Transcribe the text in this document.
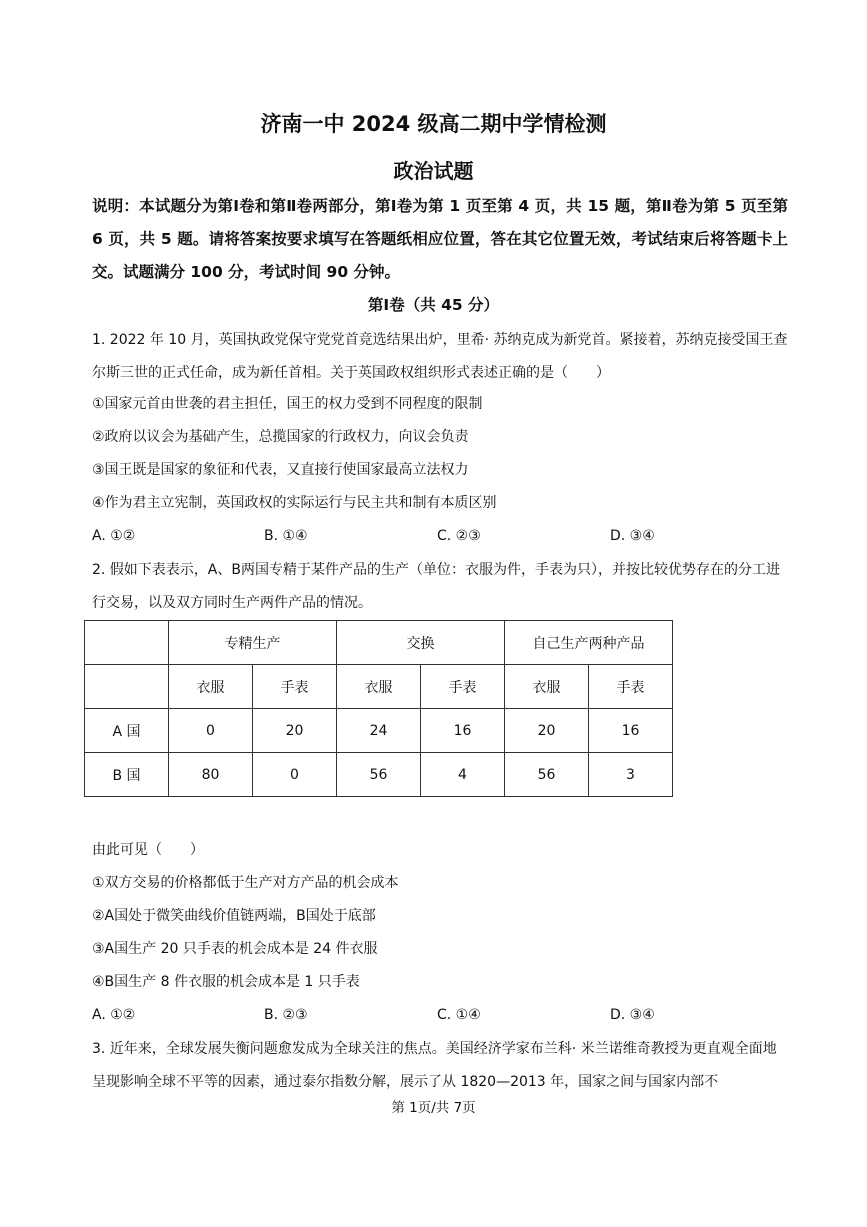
济南一中 2024 级高二期中学情检测
政治试题
说明：本试题分为第Ⅰ卷和第Ⅱ卷两部分，第Ⅰ卷为第 1 页至第 4 页，共 15 题，第Ⅱ卷为第 5 页至第 6 页，共 5 题。请将答案按要求填写在答题纸相应位置，答在其它位置无效，考试结束后将答题卡上交。试题满分 100 分，考试时间 90 分钟。
第Ⅰ卷（共 45 分）
1. 2022 年 10 月，英国执政党保守党党首竞选结果出炉，里希· 苏纳克成为新党首。紧接着，苏纳克接受国王查尔斯三世的正式任命，成为新任首相。关于英国政权组织形式表述正确的是（　　）
①国家元首由世袭的君主担任，国王的权力受到不同程度的限制
②政府以议会为基础产生，总揽国家的行政权力，向议会负责
③国王既是国家的象征和代表，又直接行使国家最高立法权力
④作为君主立宪制，英国政权的实际运行与民主共和制有本质区别
A. ①②	B. ①④	C. ②③	D. ③④
2. 假如下表表示，A、B两国专精于某件产品的生产（单位：衣服为件，手表为只），并按比较优势存在的分工进行交易，以及双方同时生产两件产品的情况。
	专精生产		交换		自己生产两种产品	
	衣服	手表	衣服	手表	衣服	手表
A 国	0	20	24	16	20	16
B 国	80	0	56	4	56	3
由此可见（　　）
①双方交易的价格都低于生产对方产品的机会成本
②A国处于微笑曲线价值链两端，B国处于底部
③A国生产 20 只手表的机会成本是 24 件衣服
④B国生产 8 件衣服的机会成本是 1 只手表
A. ①②	B. ②③	C. ①④	D. ③④
3. 近年来，全球发展失衡问题愈发成为全球关注的焦点。美国经济学家布兰科· 米兰诺维奇教授为更直观全面地呈现影响全球不平等的因素，通过泰尔指数分解，展示了从 1820—2013 年，国家之间与国家内部不
第 1页/共 7页
